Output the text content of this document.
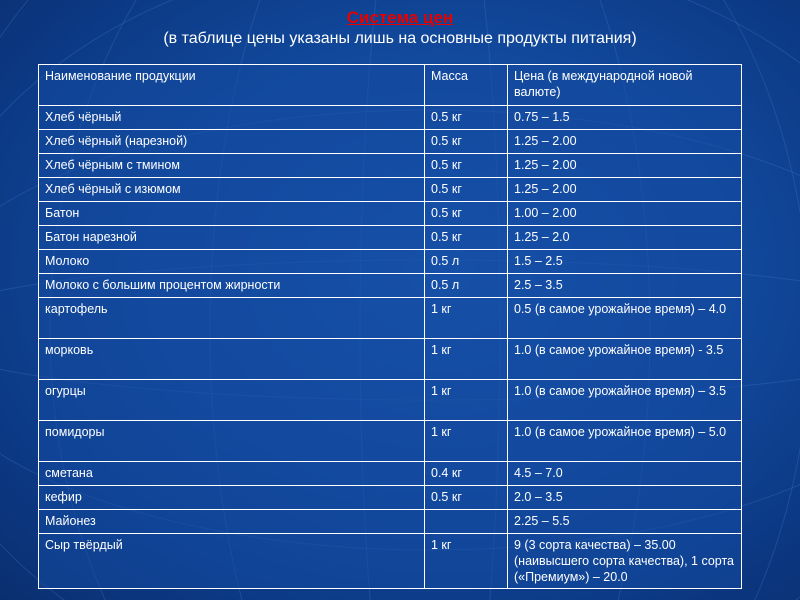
Система цен
(в таблице цены указаны лишь на основные продукты питания)
Наименование продукции	Масса	Цена (в международной новой валюте)
Хлеб чёрный	0.5 кг	0.75 – 1.5
Хлеб чёрный (нарезной)	0.5 кг	1.25 – 2.00
Хлеб чёрным с тмином	0.5 кг	1.25 – 2.00
Хлеб чёрный с изюмом	0.5 кг	1.25 – 2.00
Батон	0.5 кг	1.00 – 2.00
Батон нарезной	0.5 кг	1.25 – 2.0
Молоко	0.5 л	1.5 – 2.5
Молоко с большим процентом жирности	0.5 л	2.5 – 3.5
картофель	1 кг	0.5 (в самое урожайное время) – 4.0
морковь	1 кг	1.0 (в самое урожайное время) - 3.5
огурцы	1 кг	1.0 (в самое урожайное время) – 3.5
помидоры	1 кг	1.0 (в самое урожайное время) – 5.0
сметана	0.4 кг	4.5 – 7.0
кефир	0.5 кг	2.0 – 3.5
Майонез		2.25 – 5.5
Сыр твёрдый	1 кг	9 (3 сорта качества) – 35.00 (наивысшего сорта качества), 1 сорта («Премиум») – 20.0
